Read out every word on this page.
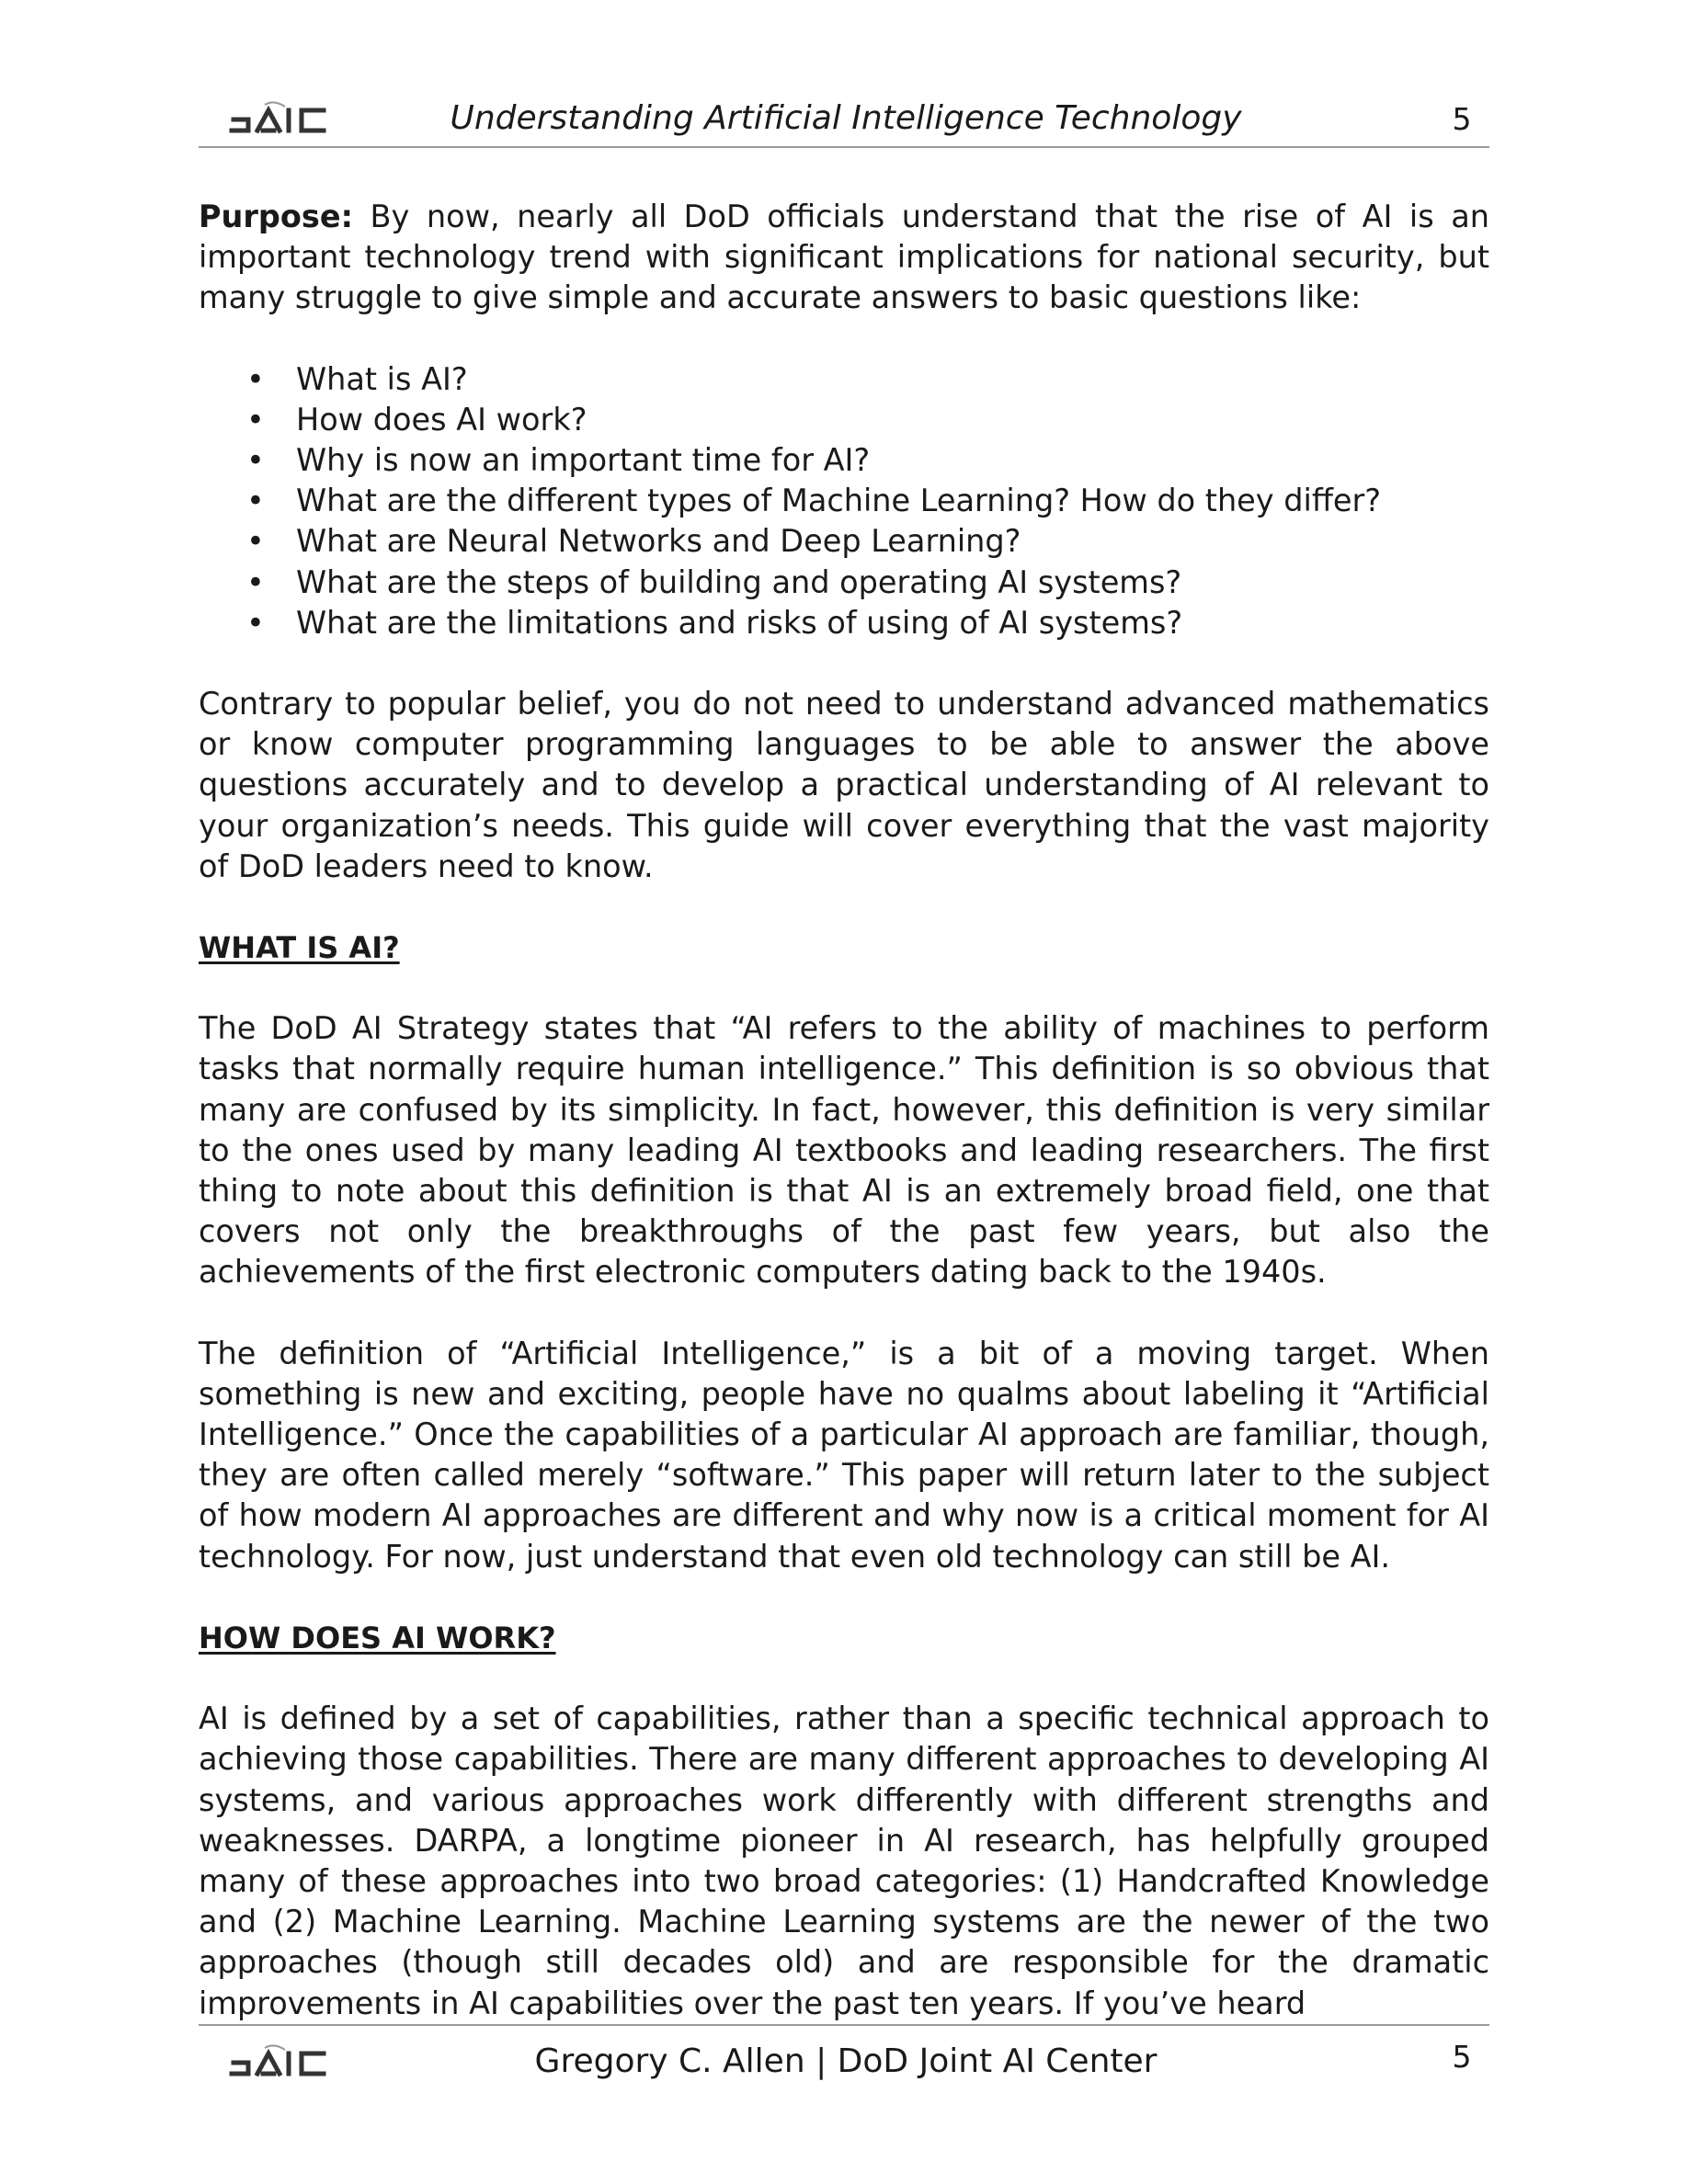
Understanding Artificial Intelligence Technology	5

Purpose: By now, nearly all DoD officials understand that the rise of AI is an important technology trend with significant implications for national security, but many struggle to give simple and accurate answers to basic questions like:

• What is AI?
• How does AI work?
• Why is now an important time for AI?
• What are the different types of Machine Learning? How do they differ?
• What are Neural Networks and Deep Learning?
• What are the steps of building and operating AI systems?
• What are the limitations and risks of using of AI systems?

Contrary to popular belief, you do not need to understand advanced mathematics or know computer programming languages to be able to answer the above questions accurately and to develop a practical understanding of AI relevant to your organization’s needs. This guide will cover everything that the vast majority of DoD leaders need to know.

WHAT IS AI?

The DoD AI Strategy states that “AI refers to the ability of machines to perform tasks that normally require human intelligence.” This definition is so obvious that many are confused by its simplicity. In fact, however, this definition is very similar to the ones used by many leading AI textbooks and leading researchers. The first thing to note about this definition is that AI is an extremely broad field, one that covers not only the breakthroughs of the past few years, but also the achievements of the first electronic computers dating back to the 1940s.

The definition of “Artificial Intelligence,” is a bit of a moving target. When something is new and exciting, people have no qualms about labeling it “Artificial Intelligence.” Once the capabilities of a particular AI approach are familiar, though, they are often called merely “software.” This paper will return later to the subject of how modern AI approaches are different and why now is a critical moment for AI technology. For now, just understand that even old technology can still be AI.

HOW DOES AI WORK?

AI is defined by a set of capabilities, rather than a specific technical approach to achieving those capabilities. There are many different approaches to developing AI systems, and various approaches work differently with different strengths and weaknesses. DARPA, a longtime pioneer in AI research, has helpfully grouped many of these approaches into two broad categories: (1) Handcrafted Knowledge and (2) Machine Learning. Machine Learning systems are the newer of the two approaches (though still decades old) and are responsible for the dramatic improvements in AI capabilities over the past ten years. If you’ve heard

Gregory C. Allen | DoD Joint AI Center	5
